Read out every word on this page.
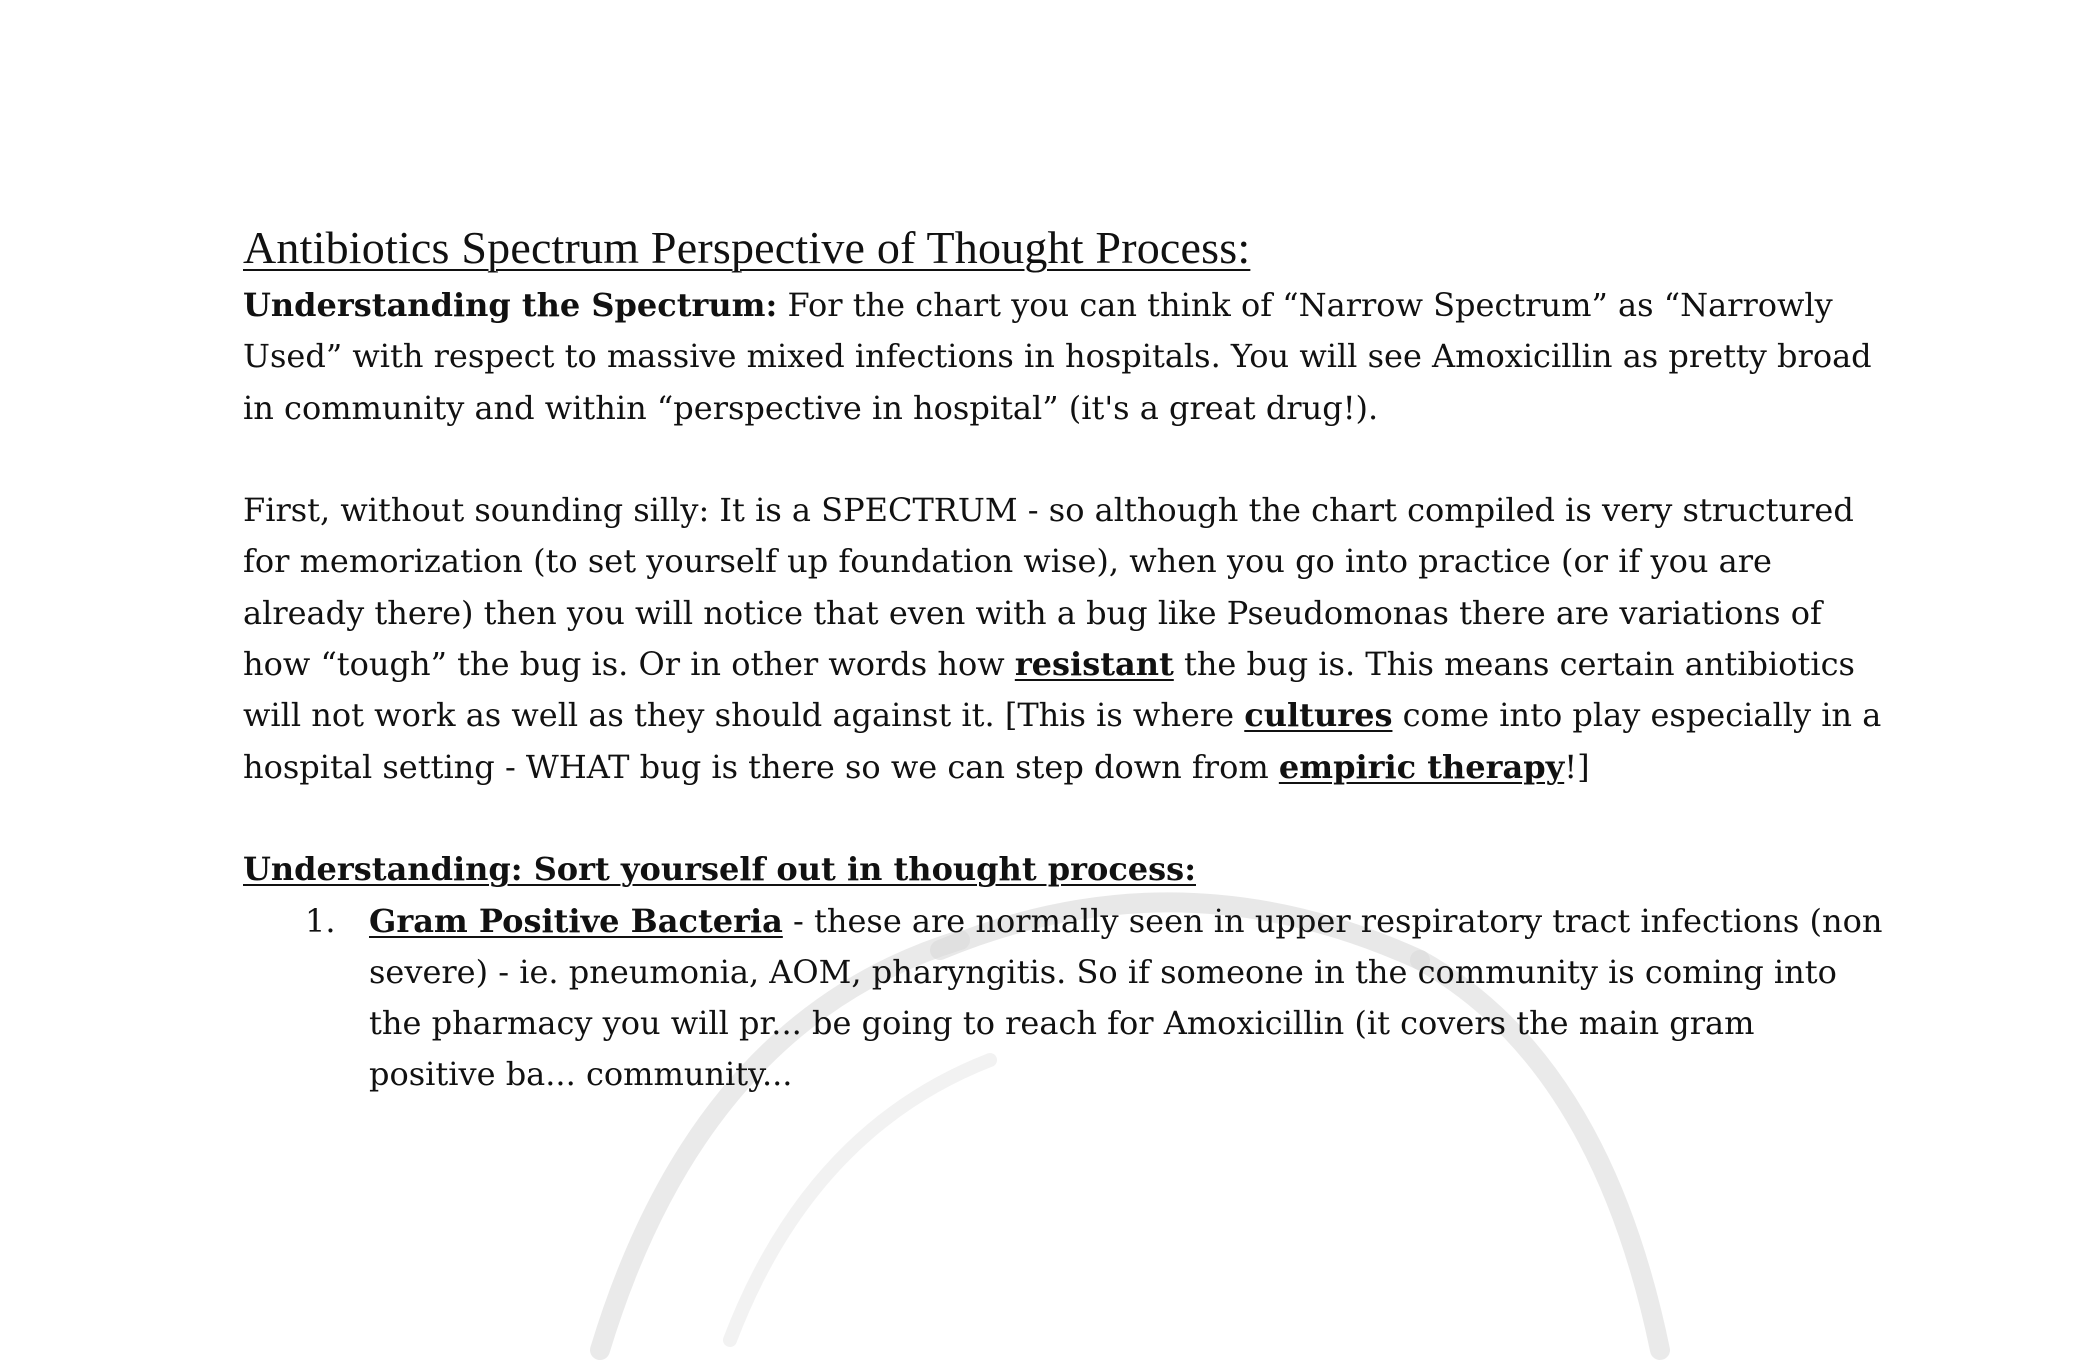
Antibiotics Spectrum Perspective of Thought Process:

Understanding the Spectrum: For the chart you can think of “Narrow Spectrum” as “Narrowly Used” with respect to massive mixed infections in hospitals. You will see Amoxicillin as pretty broad in community and within “perspective in hospital” (it's a great drug!).

First, without sounding silly: It is a SPECTRUM - so although the chart compiled is very structured for memorization (to set yourself up foundation wise), when you go into practice (or if you are already there) then you will notice that even with a bug like Pseudomonas there are variations of how “tough” the bug is. Or in other words how resistant the bug is. This means certain antibiotics will not work as well as they should against it. [This is where cultures come into play especially in a hospital setting - WHAT bug is there so we can step down from empiric therapy!]

Understanding: Sort yourself out in thought process:

1. Gram Positive Bacteria - these are normally seen in upper respiratory tract infections (non severe) - ie. pneumonia, AOM, pharyngitis. So if someone in the community is coming into the pharmacy you will pr... be going to reach for Amoxicillin (it covers the main gram positive ba... community...
